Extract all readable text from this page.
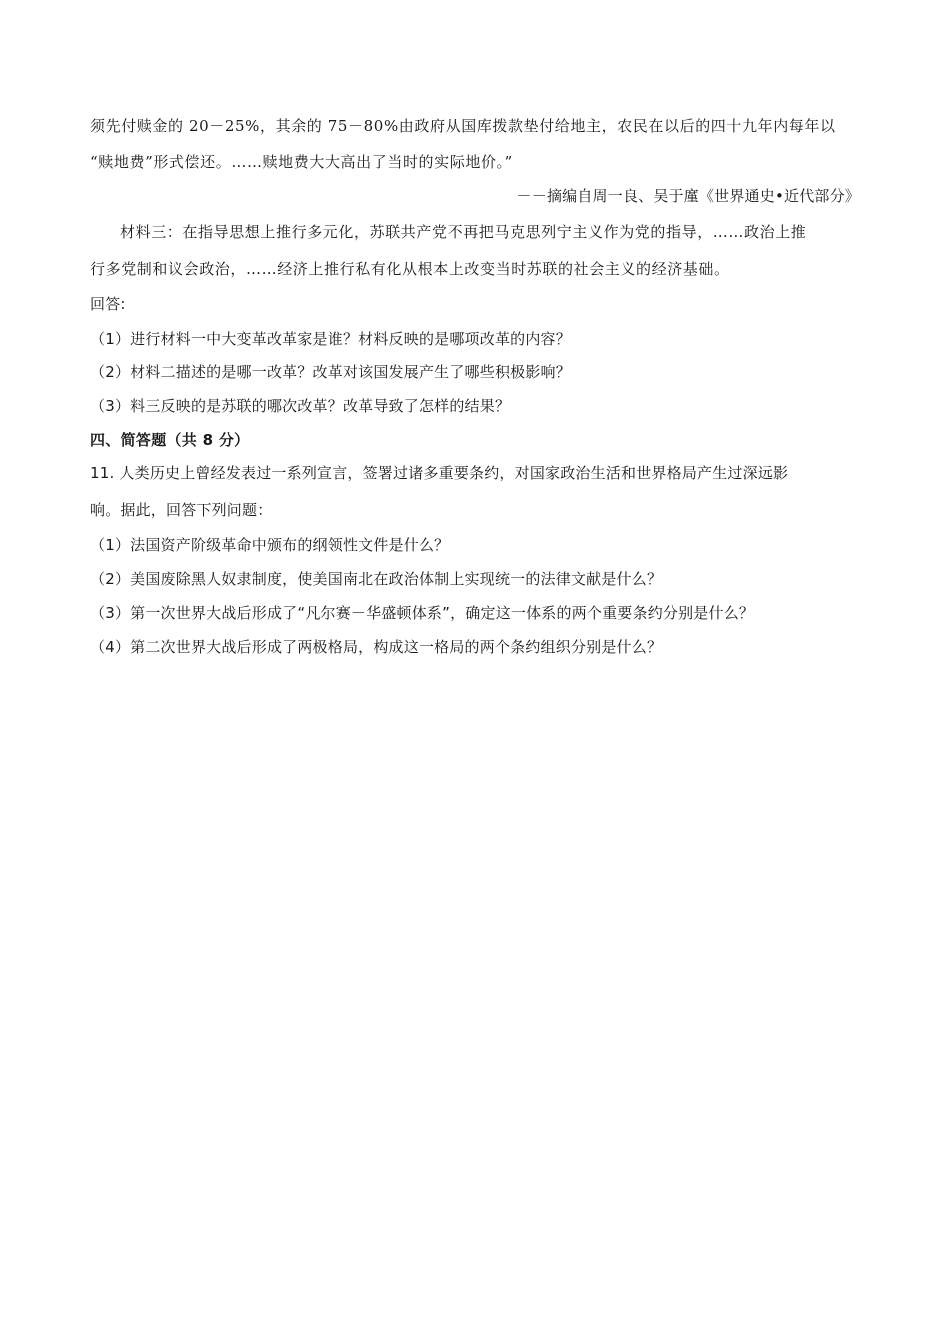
须先付赎金的 20－25%，其余的 75－80%由政府从国库拨款垫付给地主，农民在以后的四十九年内每年以
“赎地费”形式偿还。……赎地费大大高出了当时的实际地价。”
－－摘编自周一良、吴于廑《世界通史•近代部分》
材料三：在指导思想上推行多元化，苏联共产党不再把马克思列宁主义作为党的指导，……政治上推
行多党制和议会政治，……经济上推行私有化从根本上改变当时苏联的社会主义的经济基础。
回答:
（1）进行材料一中大变革改革家是谁？材料反映的是哪项改革的内容？
（2）材料二描述的是哪一改革？改革对该国发展产生了哪些积极影响？
（3）料三反映的是苏联的哪次改革？改革导致了怎样的结果？
四、简答题（共 8 分）
11. 人类历史上曾经发表过一系列宣言，签署过诸多重要条约，对国家政治生活和世界格局产生过深远影
响。据此，回答下列问题：
（1）法国资产阶级革命中颁布的纲领性文件是什么？
（2）美国废除黑人奴隶制度，使美国南北在政治体制上实现统一的法律文献是什么？
（3）第一次世界大战后形成了“凡尔赛－华盛顿体系”，确定这一体系的两个重要条约分别是什么？
（4）第二次世界大战后形成了两极格局，构成这一格局的两个条约组织分别是什么？
